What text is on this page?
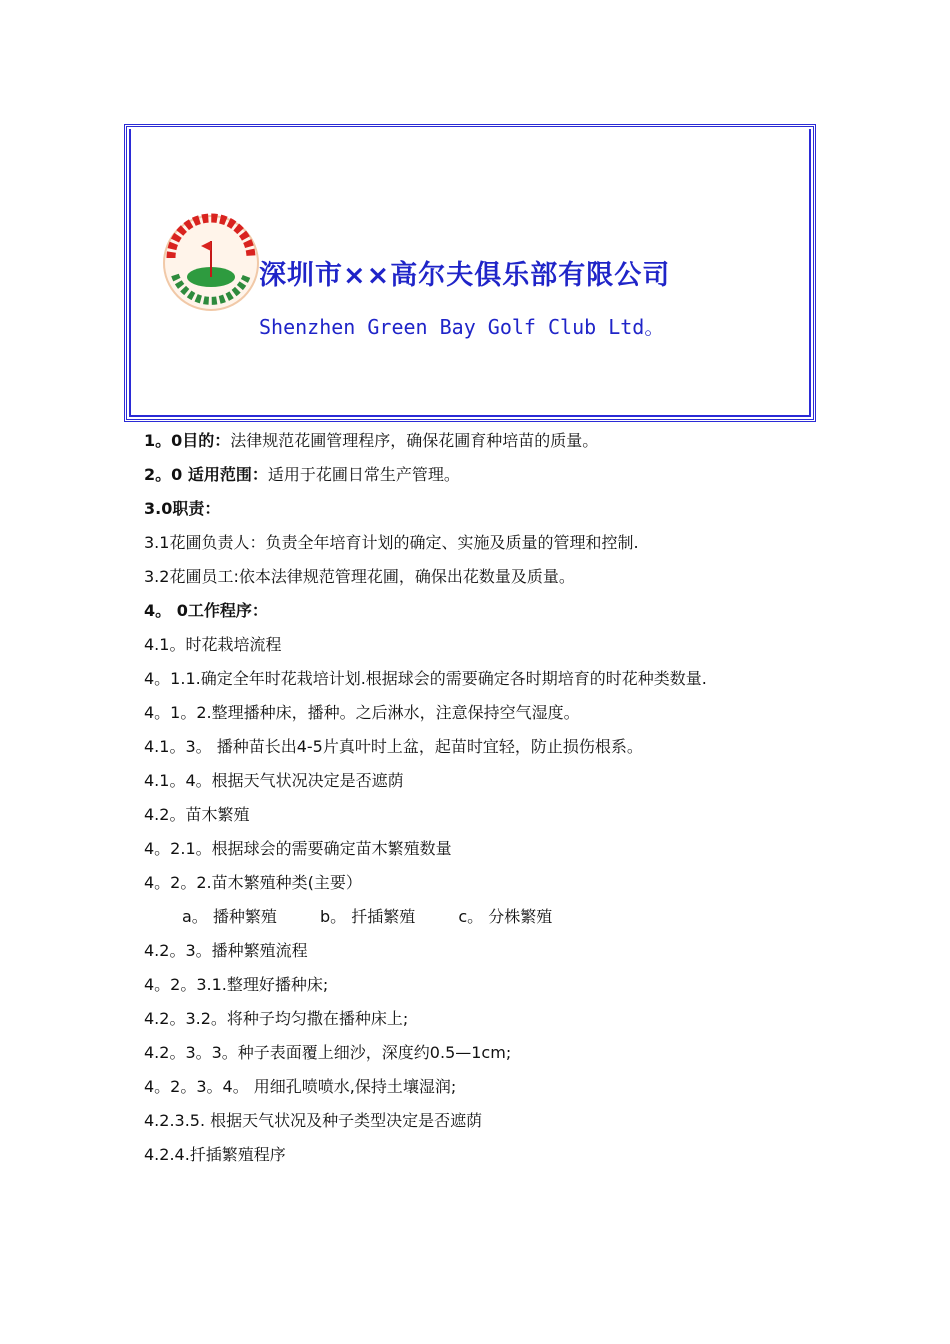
深圳市××高尔夫俱乐部有限公司
Shenzhen Green Bay Golf Club Ltd。
1。0目的：法律规范花圃管理程序，确保花圃育种培苗的质量。
2。0 适用范围：适用于花圃日常生产管理。
3.0职责：
3.1花圃负责人：负责全年培育计划的确定、实施及质量的管理和控制.
3.2花圃员工:依本法律规范管理花圃，确保出花数量及质量。
4。 0工作程序：
4.1。时花栽培流程
4。1.1.确定全年时花栽培计划.根据球会的需要确定各时期培育的时花种类数量.
4。1。2.整理播种床，播种。之后淋水，注意保持空气湿度。
4.1。3。 播种苗长出4-5片真叶时上盆，起苗时宜轻，防止损伤根系。
4.1。4。根据天气状况决定是否遮荫
4.2。苗木繁殖
4。2.1。根据球会的需要确定苗木繁殖数量
4。2。2.苗木繁殖种类(主要）
a。 播种繁殖	b。 扦插繁殖	c。 分株繁殖
4.2。3。播种繁殖流程
4。2。3.1.整理好播种床;
4.2。3.2。将种子均匀撒在播种床上;
4.2。3。3。种子表面覆上细沙，深度约0.5—1cm;
4。2。3。4。 用细孔喷喷水,保持土壤湿润;
4.2.3.5. 根据天气状况及种子类型决定是否遮荫
4.2.4.扦插繁殖程序
